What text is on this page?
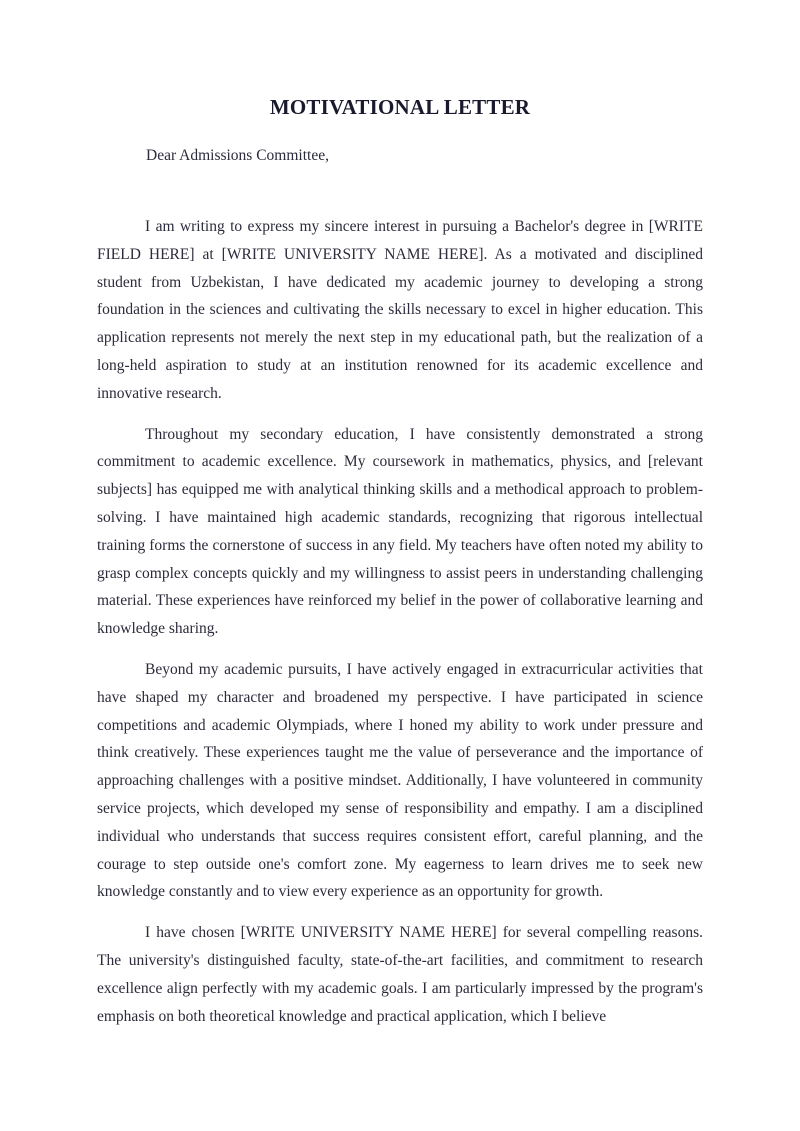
MOTIVATIONAL LETTER
Dear Admissions Committee,

I am writing to express my sincere interest in pursuing a Bachelor's degree in [WRITE FIELD HERE] at [WRITE UNIVERSITY NAME HERE]. As a motivated and disciplined student from Uzbekistan, I have dedicated my academic journey to developing a strong foundation in the sciences and cultivating the skills necessary to excel in higher education. This application represents not merely the next step in my educational path, but the realization of a long-held aspiration to study at an institution renowned for its academic excellence and innovative research.

Throughout my secondary education, I have consistently demonstrated a strong commitment to academic excellence. My coursework in mathematics, physics, and [relevant subjects] has equipped me with analytical thinking skills and a methodical approach to problem-solving. I have maintained high academic standards, recognizing that rigorous intellectual training forms the cornerstone of success in any field. My teachers have often noted my ability to grasp complex concepts quickly and my willingness to assist peers in understanding challenging material. These experiences have reinforced my belief in the power of collaborative learning and knowledge sharing.

Beyond my academic pursuits, I have actively engaged in extracurricular activities that have shaped my character and broadened my perspective. I have participated in science competitions and academic Olympiads, where I honed my ability to work under pressure and think creatively. These experiences taught me the value of perseverance and the importance of approaching challenges with a positive mindset. Additionally, I have volunteered in community service projects, which developed my sense of responsibility and empathy. I am a disciplined individual who understands that success requires consistent effort, careful planning, and the courage to step outside one's comfort zone. My eagerness to learn drives me to seek new knowledge constantly and to view every experience as an opportunity for growth.

I have chosen [WRITE UNIVERSITY NAME HERE] for several compelling reasons. The university's distinguished faculty, state-of-the-art facilities, and commitment to research excellence align perfectly with my academic goals. I am particularly impressed by the program's emphasis on both theoretical knowledge and practical application, which I believe
